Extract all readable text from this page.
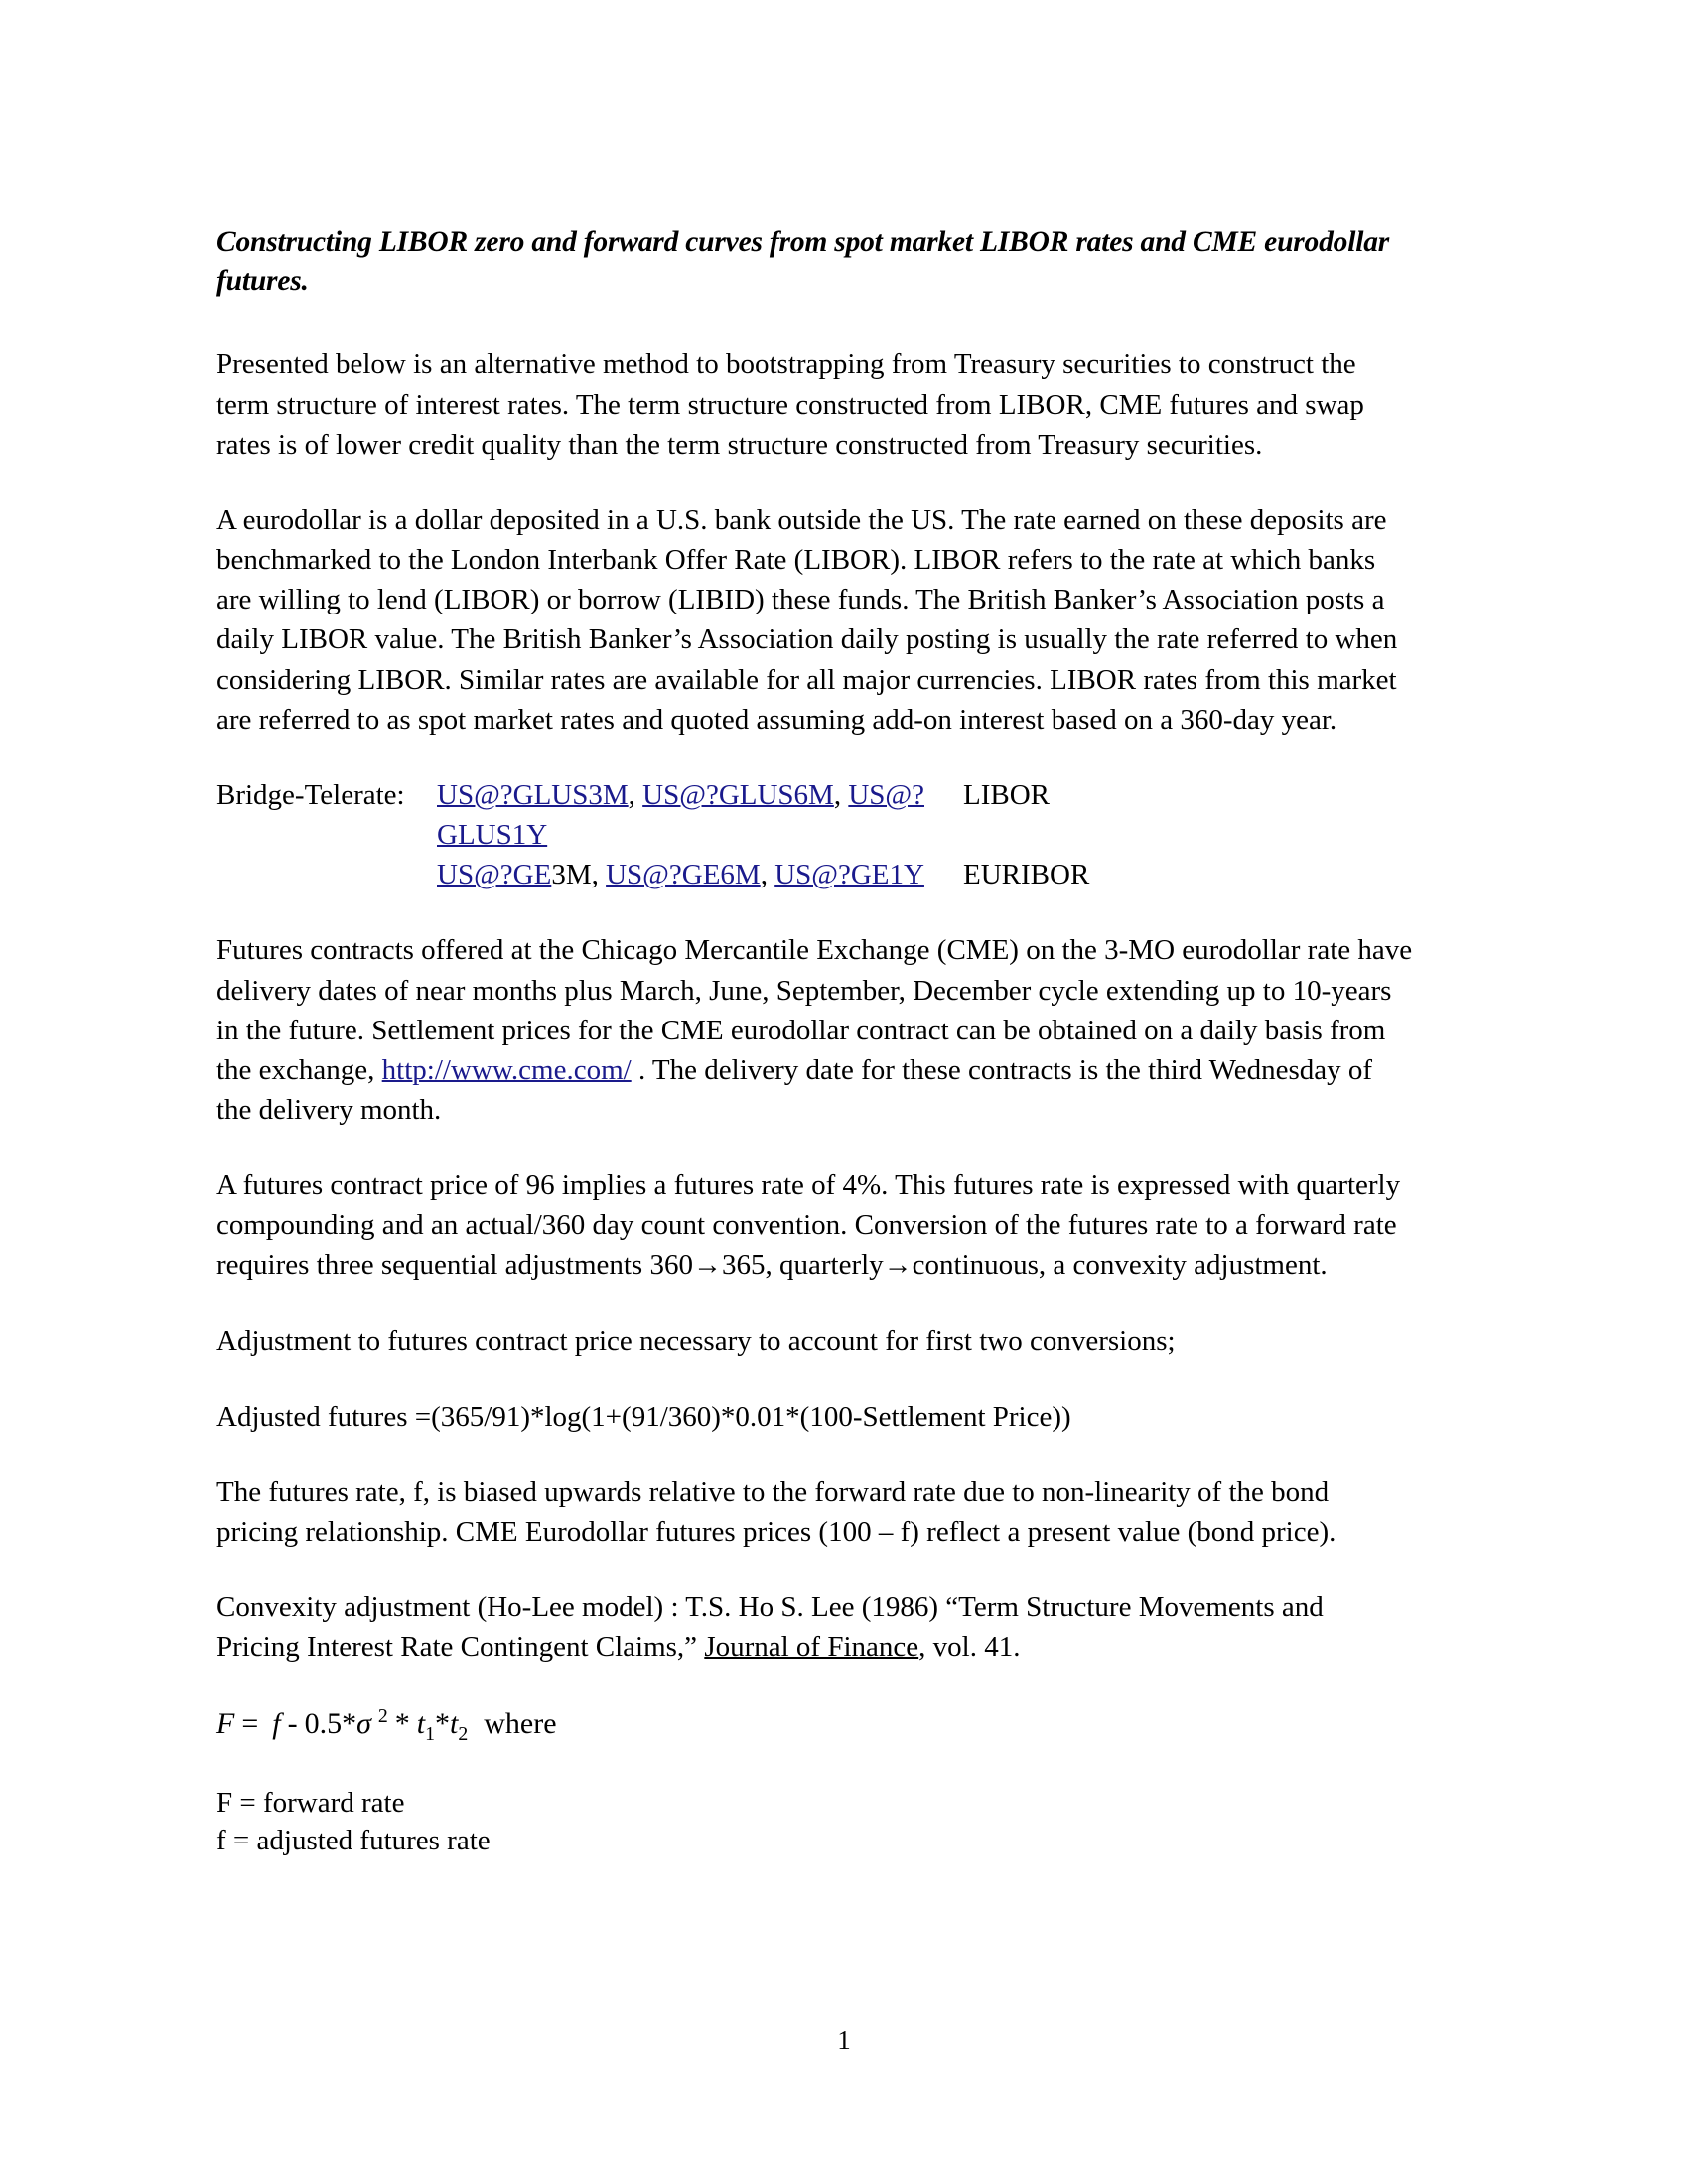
Constructing LIBOR zero and forward curves from spot market LIBOR rates and CME eurodollar futures.

Presented below is an alternative method to bootstrapping from Treasury securities to construct the term structure of interest rates. The term structure constructed from LIBOR, CME futures and swap rates is of lower credit quality than the term structure constructed from Treasury securities.

A eurodollar is a dollar deposited in a U.S. bank outside the US. The rate earned on these deposits are benchmarked to the London Interbank Offer Rate (LIBOR). LIBOR refers to the rate at which banks are willing to lend (LIBOR) or borrow (LIBID) these funds. The British Banker’s Association posts a daily LIBOR value. The British Banker’s Association daily posting is usually the rate referred to when considering LIBOR. Similar rates are available for all major currencies. LIBOR rates from this market are referred to as spot market rates and quoted assuming add-on interest based on a 360-day year.

Bridge-Telerate:	US@?GLUS3M, US@?GLUS6M, US@?GLUS1Y
LIBOR
US@?GE3M, US@?GE6M, US@?GE1Y	EURIBOR

Futures contracts offered at the Chicago Mercantile Exchange (CME) on the 3-MO eurodollar rate have delivery dates of near months plus March, June, September, December cycle extending up to 10-years in the future. Settlement prices for the CME eurodollar contract can be obtained on a daily basis from the exchange, http://www.cme.com/ . The delivery date for these contracts is the third Wednesday of the delivery month.

A futures contract price of 96 implies a futures rate of 4%. This futures rate is expressed with quarterly compounding and an actual/360 day count convention. Conversion of the futures rate to a forward rate requires three sequential adjustments 360→365, quarterly→continuous, a convexity adjustment.

Adjustment to futures contract price necessary to account for first two conversions;

Adjusted futures =(365/91)*log(1+(91/360)*0.01*(100-Settlement Price))

The futures rate, f, is biased upwards relative to the forward rate due to non-linearity of the bond pricing relationship. CME Eurodollar futures prices (100 – f) reflect a present value (bond price).

Convexity adjustment (Ho-Lee model) : T.S. Ho S. Lee (1986) “Term Structure Movements and Pricing Interest Rate Contingent Claims,” Journal of Finance, vol. 41.

F = f - 0.5*σ $^2 * t_1*t_2$ where

F = forward rate

f = adjusted futures rate

1
